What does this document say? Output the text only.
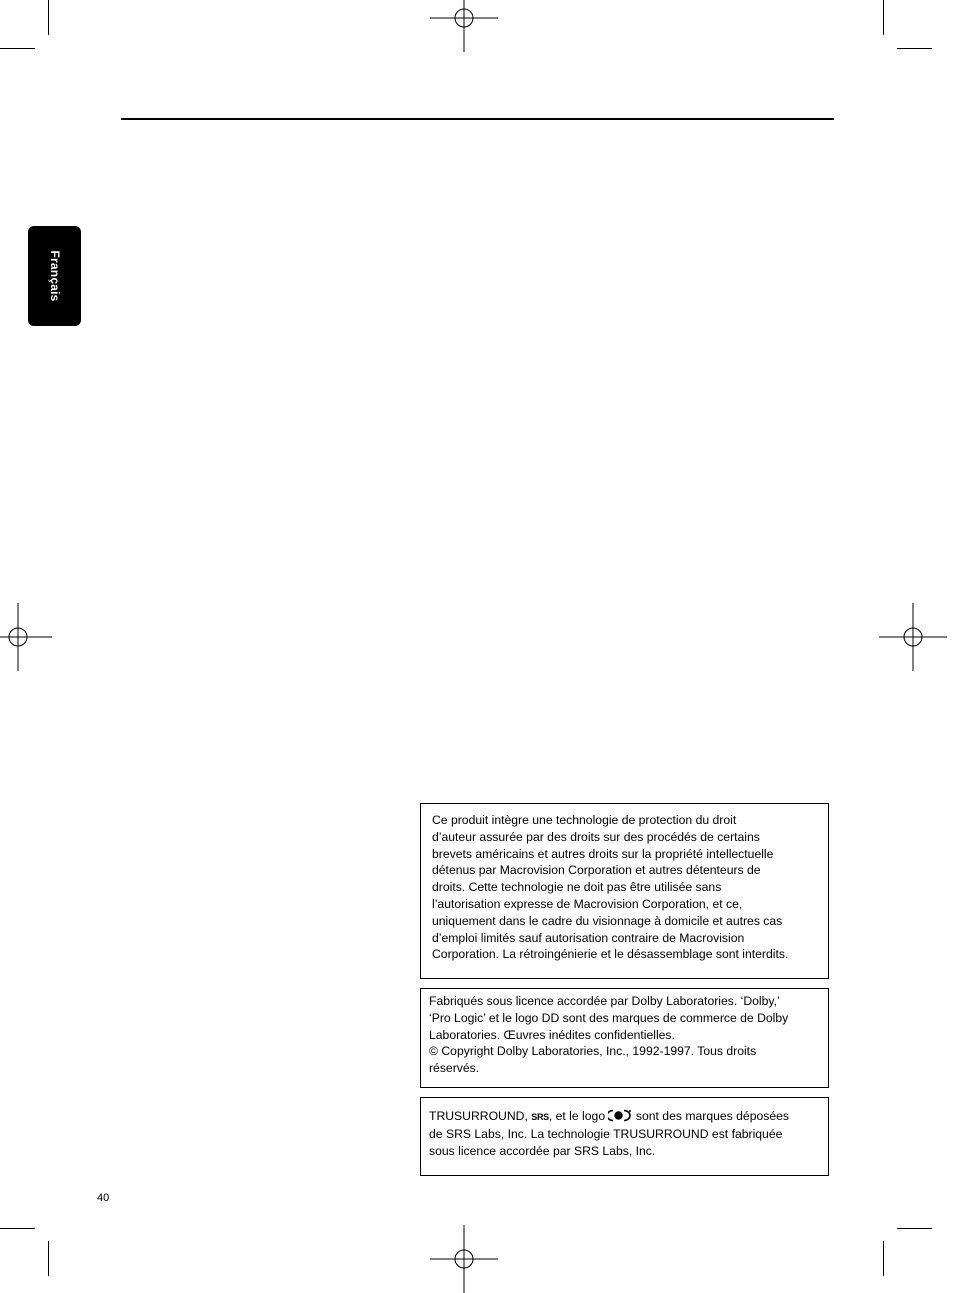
Français
Ce produit intègre une technologie de protection du droit
d’auteur assurée par des droits sur des procédés de certains
brevets américains et autres droits sur la propriété intellectuelle
détenus par Macrovision Corporation et autres détenteurs de
droits. Cette technologie ne doit pas être utilisée sans
l’autorisation expresse de Macrovision Corporation, et ce,
uniquement dans le cadre du visionnage à domicile et autres cas
d’emploi limités sauf autorisation contraire de Macrovision
Corporation. La rétroingénierie et le désassemblage sont interdits.
Fabriqués sous licence accordée par Dolby Laboratories. ‘Dolby,’
‘Pro Logic’ et le logo DD sont des marques de commerce de Dolby
Laboratories. Œuvres inédites confidentielles.
© Copyright Dolby Laboratories, Inc., 1992-1997. Tous droits
réservés.
TRUSURROUND, SRS, et le logo  sont des marques déposées
de SRS Labs, Inc. La technologie TRUSURROUND est fabriquée
sous licence accordée par SRS Labs, Inc.
40
